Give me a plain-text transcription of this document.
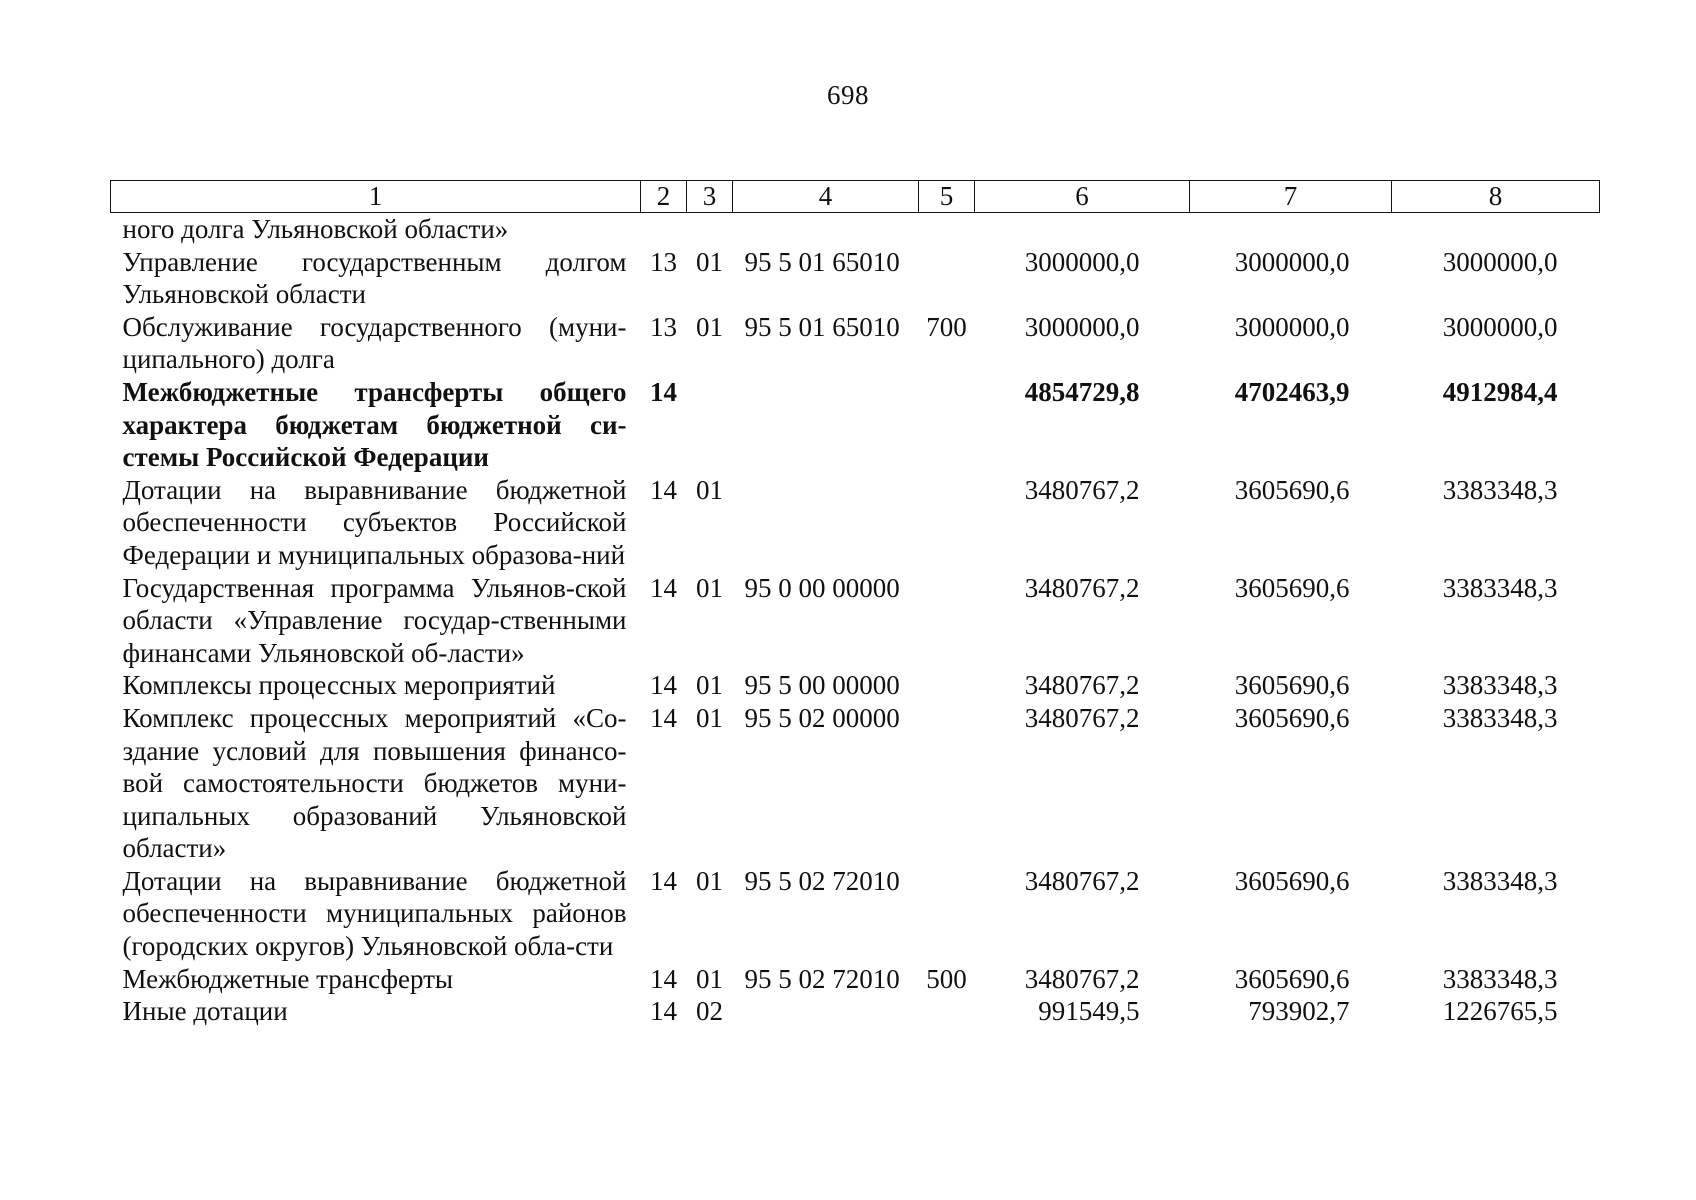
698
1	2	3	4	5	6	7	8
ного долга Ульяновской области»							
Управление государственным долгом Ульяновской области	13	01	95 5 01 65010		3000000,0	3000000,0	3000000,0
Обслуживание государственного (муни-ципального) долга	13	01	95 5 01 65010	700	3000000,0	3000000,0	3000000,0
Межбюджетные трансферты общего характера бюджетам бюджетной си-стемы Российской Федерации	14				4854729,8	4702463,9	4912984,4
Дотации на выравнивание бюджетной обеспеченности субъектов Российской Федерации и муниципальных образова-ний	14	01			3480767,2	3605690,6	3383348,3
Государственная программа Ульянов-ской области «Управление государ-ственными финансами Ульяновской об-ласти»	14	01	95 0 00 00000		3480767,2	3605690,6	3383348,3
Комплексы процессных мероприятий	14	01	95 5 00 00000		3480767,2	3605690,6	3383348,3
Комплекс процессных мероприятий «Со-здание условий для повышения финансо-вой самостоятельности бюджетов муни-ципальных образований Ульяновской области»	14	01	95 5 02 00000		3480767,2	3605690,6	3383348,3
Дотации на выравнивание бюджетной обеспеченности муниципальных районов (городских округов) Ульяновской обла-сти	14	01	95 5 02 72010		3480767,2	3605690,6	3383348,3
Межбюджетные трансферты	14	01	95 5 02 72010	500	3480767,2	3605690,6	3383348,3
Иные дотации	14	02			991549,5	793902,7	1226765,5
